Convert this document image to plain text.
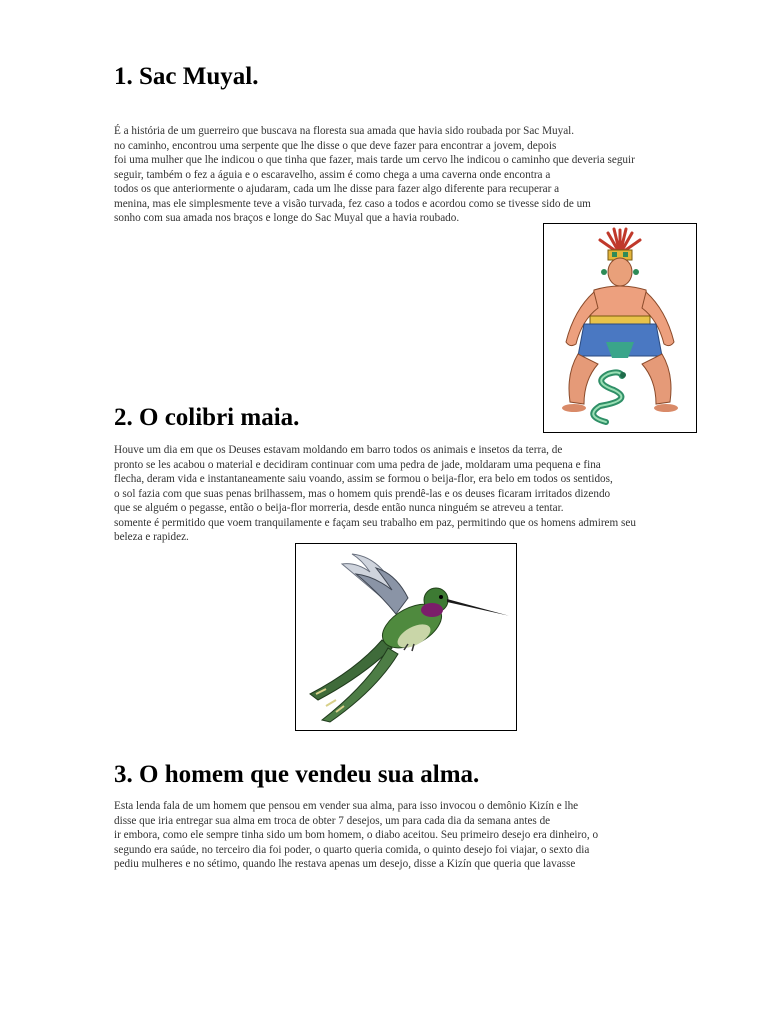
1. Sac Muyal.
É a história de um guerreiro que buscava na floresta sua amada que havia sido roubada por Sac Muyal.
no caminho, encontrou uma serpente que lhe disse o que deve fazer para encontrar a jovem, depois
foi uma mulher que lhe indicou o que tinha que fazer, mais tarde um cervo lhe indicou o caminho que deveria seguir
seguir, também o fez a águia e o escaravelho, assim é como chega a uma caverna onde encontra a
todos os que anteriormente o ajudaram, cada um lhe disse para fazer algo diferente para recuperar a
menina, mas ele simplesmente teve a visão turvada, fez caso a todos e acordou como se tivesse sido de um
sonho com sua amada nos braços e longe do Sac Muyal que a havia roubado.
2. O colibri maia.
Houve um dia em que os Deuses estavam moldando em barro todos os animais e insetos da terra, de
pronto se les acabou o material e decidiram continuar com uma pedra de jade, moldaram uma pequena e fina
flecha, deram vida e instantaneamente saiu voando, assim se formou o beija-flor, era belo em todos os sentidos,
o sol fazia com que suas penas brilhassem, mas o homem quis prendê-las e os deuses ficaram irritados dizendo
que se alguém o pegasse, então o beija-flor morreria, desde então nunca ninguém se atreveu a tentar.
somente é permitido que voem tranquilamente e façam seu trabalho em paz, permitindo que os homens admirem seu
beleza e rapidez.
3. O homem que vendeu sua alma.
Esta lenda fala de um homem que pensou em vender sua alma, para isso invocou o demônio Kizín e lhe
disse que iria entregar sua alma em troca de obter 7 desejos, um para cada dia da semana antes de
ir embora, como ele sempre tinha sido um bom homem, o diabo aceitou. Seu primeiro desejo era dinheiro, o
segundo era saúde, no terceiro dia foi poder, o quarto queria comida, o quinto desejo foi viajar, o sexto dia
pediu mulheres e no sétimo, quando lhe restava apenas um desejo, disse a Kizín que queria que lavasse
